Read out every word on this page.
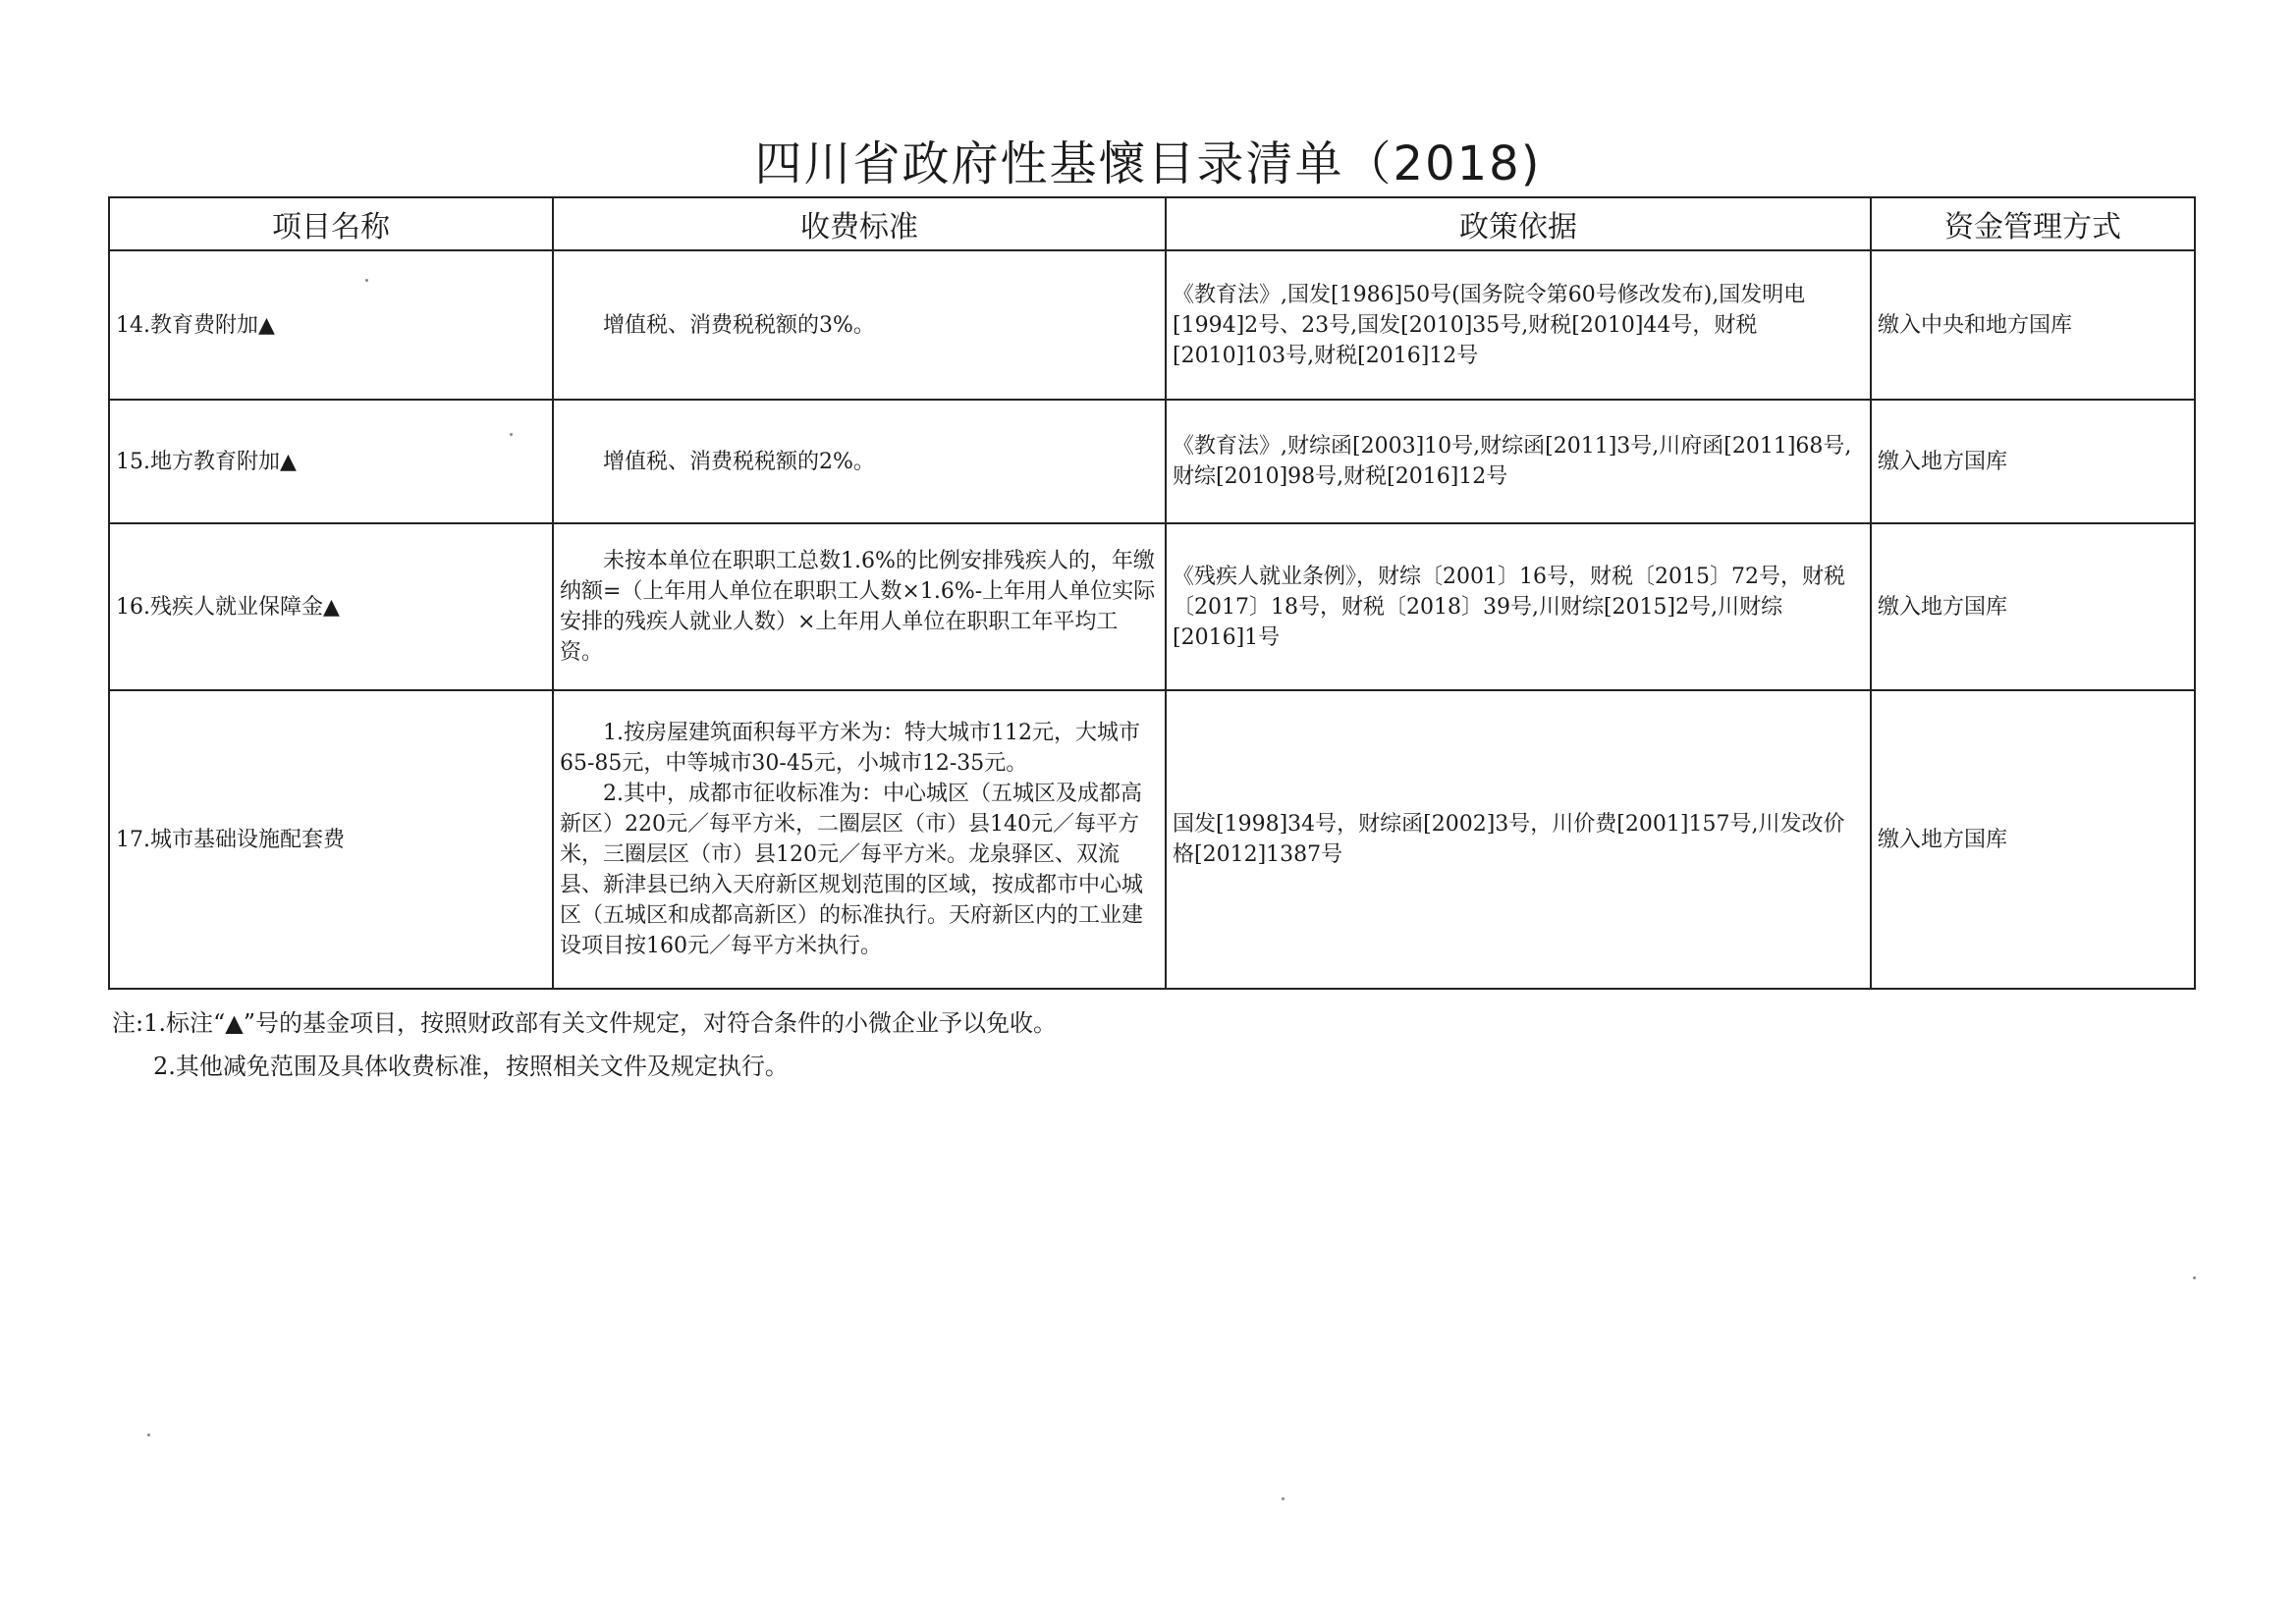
四川省政府性基懷目录清单（2018)
项目名称	收费标准	政策依据	资金管理方式
14.教育费附加▲	增值税、消费税税额的3%。	《教育法》,国发[1986]50号(国务院令第60号修改发布),国发明电[1994]2号、23号,国发[2010]35号,财税[2010]44号，财税[2010]103号,财税[2016]12号	缴入中央和地方国库
15.地方教育附加▲	增值税、消费税税额的2%。	《教育法》,财综函[2003]10号,财综函[2011]3号,川府函[2011]68号,财综[2010]98号,财税[2016]12号	缴入地方国库
16.残疾人就业保障金▲	未按本单位在职职工总数1.6%的比例安排残疾人的，年缴纳额=（上年用人单位在职职工人数×1.6%-上年用人单位实际安排的残疾人就业人数）×上年用人单位在职职工年平均工资。	《残疾人就业条例》，财综〔2001〕16号，财税〔2015〕72号，财税〔2017〕18号，财税〔2018〕39号,川财综[2015]2号,川财综[2016]1号	缴入地方国库
17.城市基础设施配套费	1.按房屋建筑面积每平方米为：特大城市112元，大城市65-85元，中等城市30-45元，小城市12-35元。

2.其中，成都市征收标准为：中心城区（五城区及成都高新区）220元／每平方米，二圈层区（市）县140元／每平方米，三圈层区（市）县120元／每平方米。龙泉驿区、双流县、新津县已纳入天府新区规划范围的区域，按成都市中心城区（五城区和成都高新区）的标准执行。天府新区内的工业建设项目按160元／每平方米执行。	国发[1998]34号，财综函[2002]3号，川价费[2001]157号,川发改价格[2012]1387号	缴入地方国库
注:1.标注“▲”号的基金项目，按照财政部有关文件规定，对符合条件的小微企业予以免收。
2.其他减免范围及具体收费标准，按照相关文件及规定执行。
